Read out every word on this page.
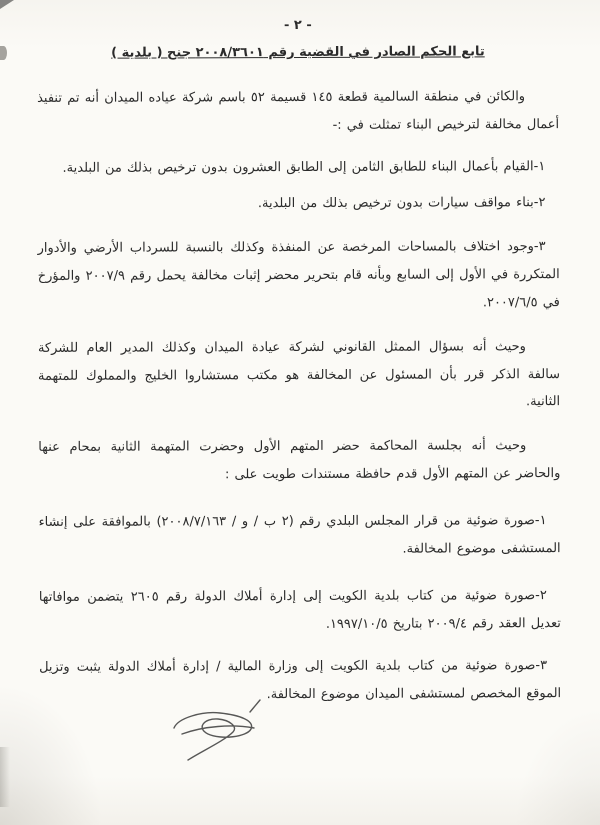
- ٢ -
تابع الحكم الصادر في القضية رقم ٢٠٠٨/٣٦٠١ جنح ( بلدية )

والكائن في منطقة السالمية قطعة ١٤٥ قسيمة ٥٢ باسم شركة عياده الميدان أنه تم تنفيذ أعمال مخالفة لترخيص البناء تمثلت في :-

١-القيام بأعمال البناء للطابق الثامن إلى الطابق العشرون بدون ترخيص بذلك من البلدية.

٢-بناء مواقف سيارات بدون ترخيص بذلك من البلدية.

٣-وجود اختلاف بالمساحات المرخصة عن المنفذة وكذلك بالنسبة للسرداب الأرضي والأدوار المتكررة في الأول إلى السابع وبأنه قام بتحرير محضر إثبات مخالفة يحمل رقم ٢٠٠٧/٩ والمؤرخ في ٢٠٠٧/٦/٥.

وحيث أنه بسؤال الممثل القانوني لشركة عيادة الميدان وكذلك المدير العام للشركة سالفة الذكر قرر بأن المسئول عن المخالفة هو مكتب مستشاروا الخليج والمملوك للمتهمة الثانية.

وحيث أنه بجلسة المحاكمة حضر المتهم الأول وحضرت المتهمة الثانية بمحام عنها والحاضر عن المتهم الأول قدم حافظة مستندات طويت على :

١-صورة ضوئية من قرار المجلس البلدي رقم (٢ ب / و / ٢٠٠٨/٧/١٦٣) بالموافقة على إنشاء المستشفى موضوع المخالفة.

٢-صورة ضوئية من كتاب بلدية الكويت إلى إدارة أملاك الدولة رقم ٢٦٠٥ يتضمن موافاتها تعديل العقد رقم ٢٠٠٩/٤ بتاريخ ١٩٩٧/١٠/٥.

٣-صورة ضوئية من كتاب بلدية الكويت إلى وزارة المالية / إدارة أملاك الدولة يثبت وتزيل الموقع المخصص لمستشفى الميدان موضوع المخالفة.
